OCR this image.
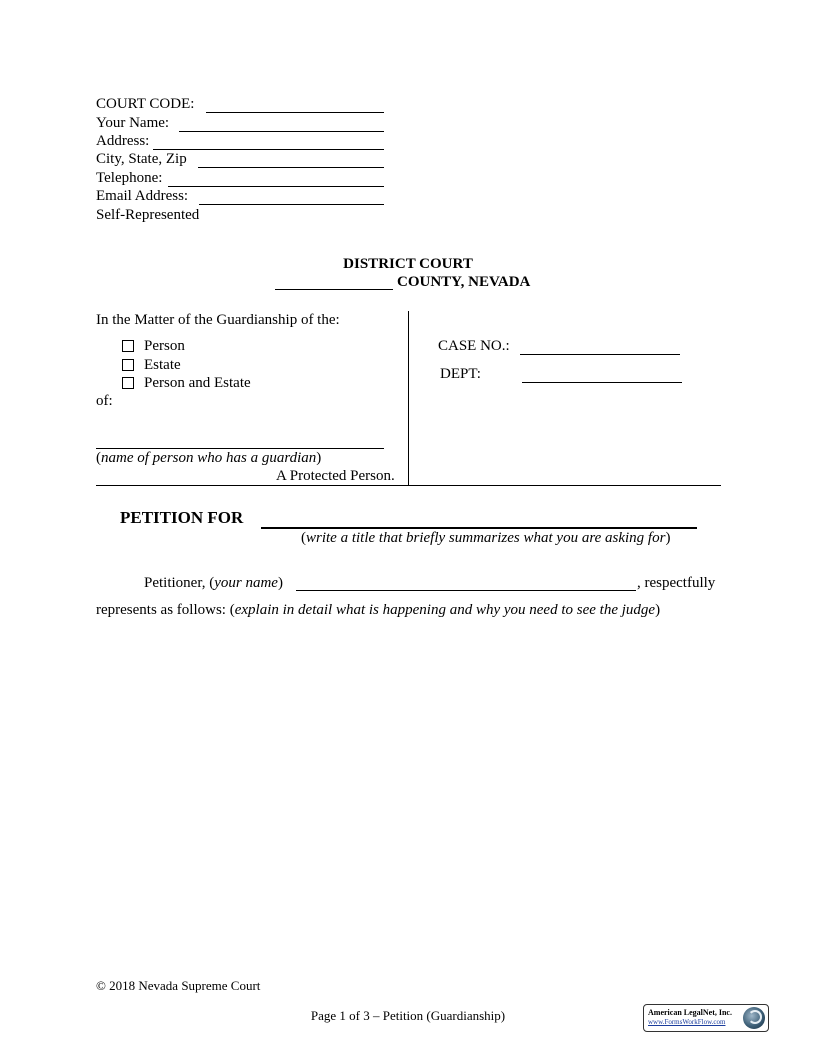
COURT CODE:
Your Name:
Address:
City, State, Zip
Telephone:
Email Address:
Self-Represented
DISTRICT COURT
COUNTY, NEVADA
In the Matter of the Guardianship of the:
Person
Estate
Person and Estate
of:
(name of person who has a guardian)
A Protected Person.
CASE NO.:
DEPT:
PETITION FOR
(write a title that briefly summarizes what you are asking for)
Petitioner, (your name)	, respectfully
represents as follows: (explain in detail what is happening and why you need to see the judge)
© 2018 Nevada Supreme Court
Page 1 of 3 – Petition (Guardianship)	American LegalNet, Inc.
www.FormsWorkFlow.com
